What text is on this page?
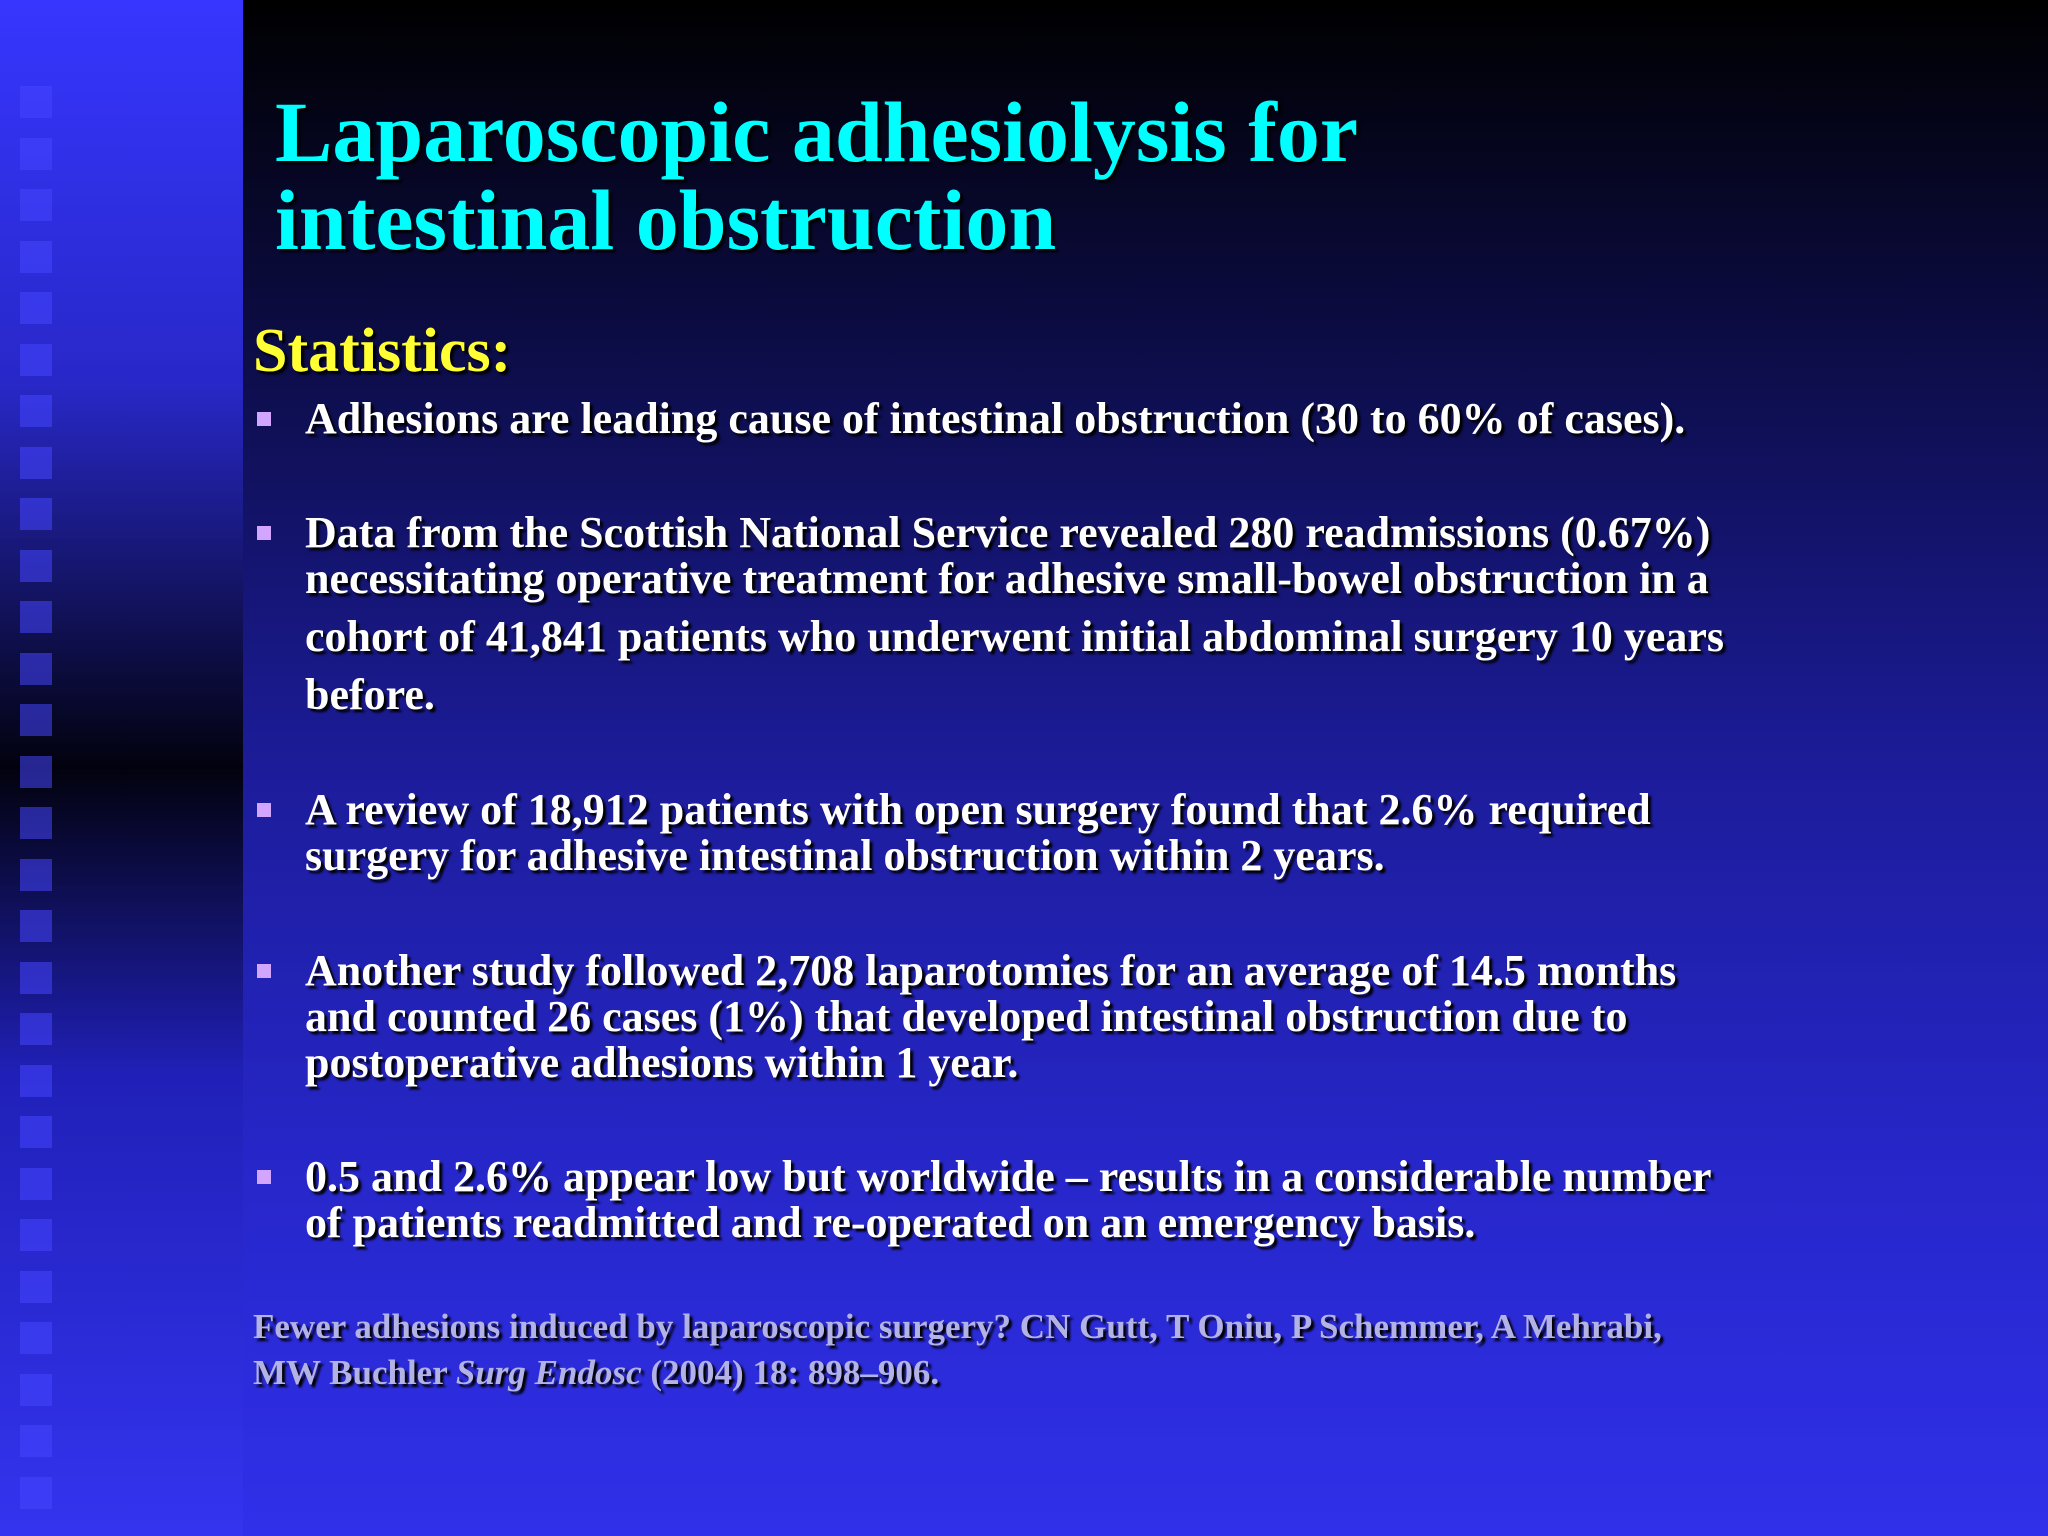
Laparoscopic adhesiolysis for
intestinal obstruction
Statistics:
Adhesions are leading cause of intestinal obstruction (30 to 60% of cases).
Data from the Scottish National Service revealed 280 readmissions (0.67%)
necessitating operative treatment for adhesive small-bowel obstruction in a
cohort of 41,841 patients who underwent initial abdominal surgery 10 years
before.
A review of 18,912 patients with open surgery found that 2.6% required
surgery for adhesive intestinal obstruction within 2 years.
Another study followed 2,708 laparotomies for an average of 14.5 months
and counted 26 cases (1%) that developed intestinal obstruction due to
postoperative adhesions within 1 year.
0.5 and 2.6% appear low but worldwide – results in a considerable number
of patients readmitted and re-operated on an emergency basis.
Fewer adhesions induced by laparoscopic surgery? CN Gutt, T Oniu, P Schemmer, A Mehrabi,
MW Buchler Surg Endosc (2004) 18: 898–906.
